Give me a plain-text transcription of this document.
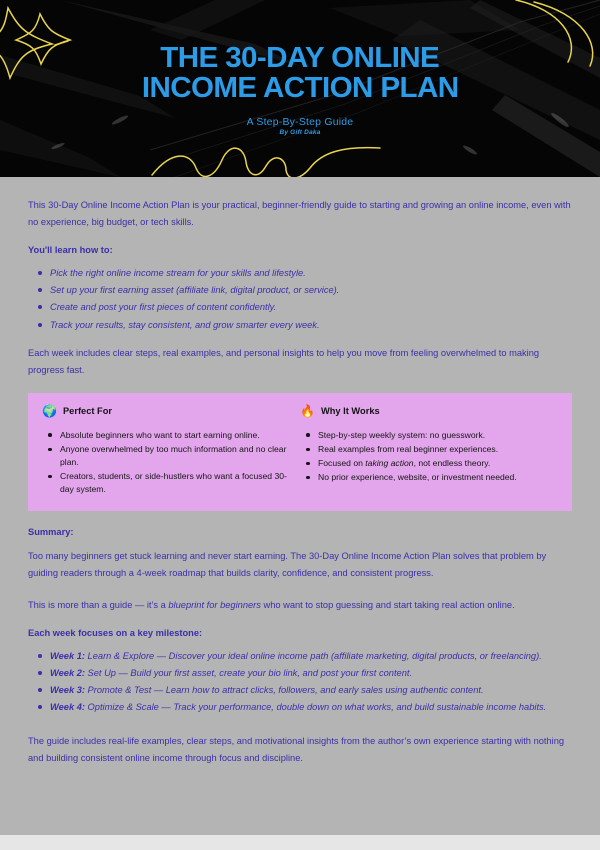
THE 30-DAY ONLINE
INCOME ACTION PLAN
A Step-By-Step Guide
By Gift Daka

This 30-Day Online Income Action Plan is your practical, beginner-friendly guide to starting and growing an online income, even with no experience, big budget, or tech skills.

You'll learn how to:
Pick the right online income stream for your skills and lifestyle.
Set up your first earning asset (affiliate link, digital product, or service).
Create and post your first pieces of content confidently.
Track your results, stay consistent, and grow smarter every week.

Each week includes clear steps, real examples, and personal insights to help you move from feeling overwhelmed to making progress fast.

🌍 Perfect For
Absolute beginners who want to start earning online.
Anyone overwhelmed by too much information and no clear plan.
Creators, students, or side-hustlers who want a focused 30-day system.
🔥 Why It Works
Step-by-step weekly system: no guesswork.
Real examples from real beginner experiences.
Focused on taking action, not endless theory.
No prior experience, website, or investment needed.
Summary:

Too many beginners get stuck learning and never start earning. The 30-Day Online Income Action Plan solves that problem by guiding readers through a 4-week roadmap that builds clarity, confidence, and consistent progress.

This is more than a guide — it’s a blueprint for beginners who want to stop guessing and start taking real action online.

Each week focuses on a key milestone:
Week 1: Learn & Explore — Discover your ideal online income path (affiliate marketing, digital products, or freelancing).
Week 2: Set Up — Build your first asset, create your bio link, and post your first content.
Week 3: Promote & Test — Learn how to attract clicks, followers, and early sales using authentic content.
Week 4: Optimize & Scale — Track your performance, double down on what works, and build sustainable income habits.

The guide includes real-life examples, clear steps, and motivational insights from the author’s own experience starting with nothing and building consistent online income through focus and discipline.
